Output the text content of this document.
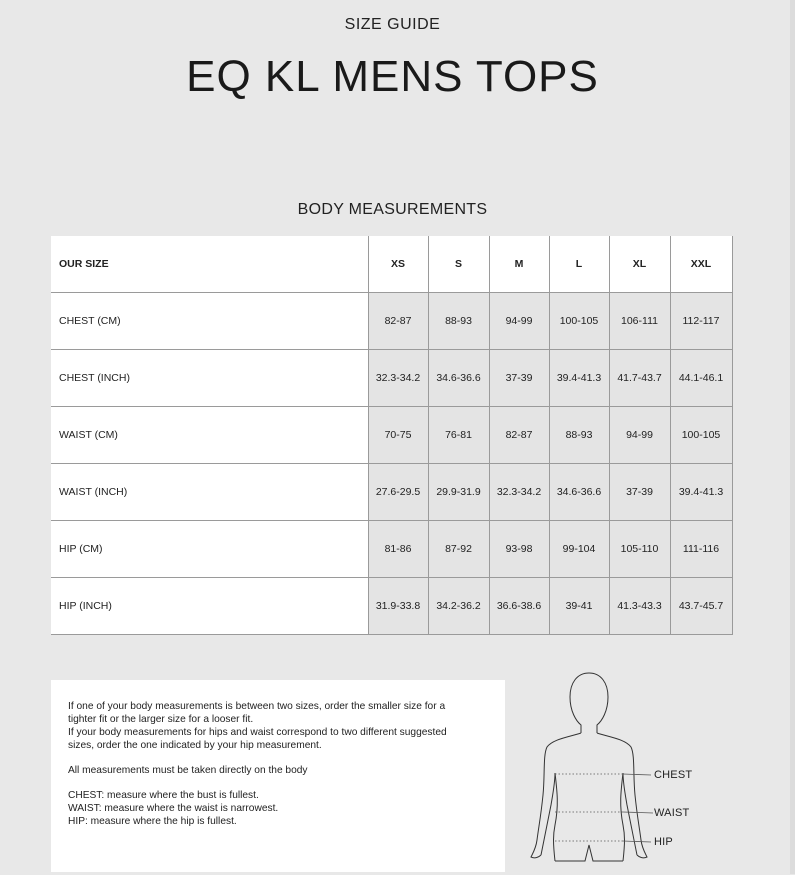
SIZE GUIDE
EQ KL MENS TOPS
BODY MEASUREMENTS
OUR SIZE	XS	S	M	L	XL	XXL
CHEST (CM)	82-87	88-93	94-99	100-105	106-111	112-117
CHEST (INCH)	32.3-34.2	34.6-36.6	37-39	39.4-41.3	41.7-43.7	44.1-46.1
WAIST (CM)	70-75	76-81	82-87	88-93	94-99	100-105
WAIST (INCH)	27.6-29.5	29.9-31.9	32.3-34.2	34.6-36.6	37-39	39.4-41.3
HIP (CM)	81-86	87-92	93-98	99-104	105-110	111-116
HIP (INCH)	31.9-33.8	34.2-36.2	36.6-38.6	39-41	41.3-43.3	43.7-45.7

If one of your body measurements is between two sizes, order the smaller size for a

tighter fit or the larger size for a looser fit.

If your body measurements for hips and waist correspond to two different suggested

sizes, order the one indicated by your hip measurement.

All measurements must be taken directly on the body

CHEST: measure where the bust is fullest.

WAIST: measure where the waist is narrowest.

HIP: measure where the hip is fullest.

CHEST
WAIST
HIP
